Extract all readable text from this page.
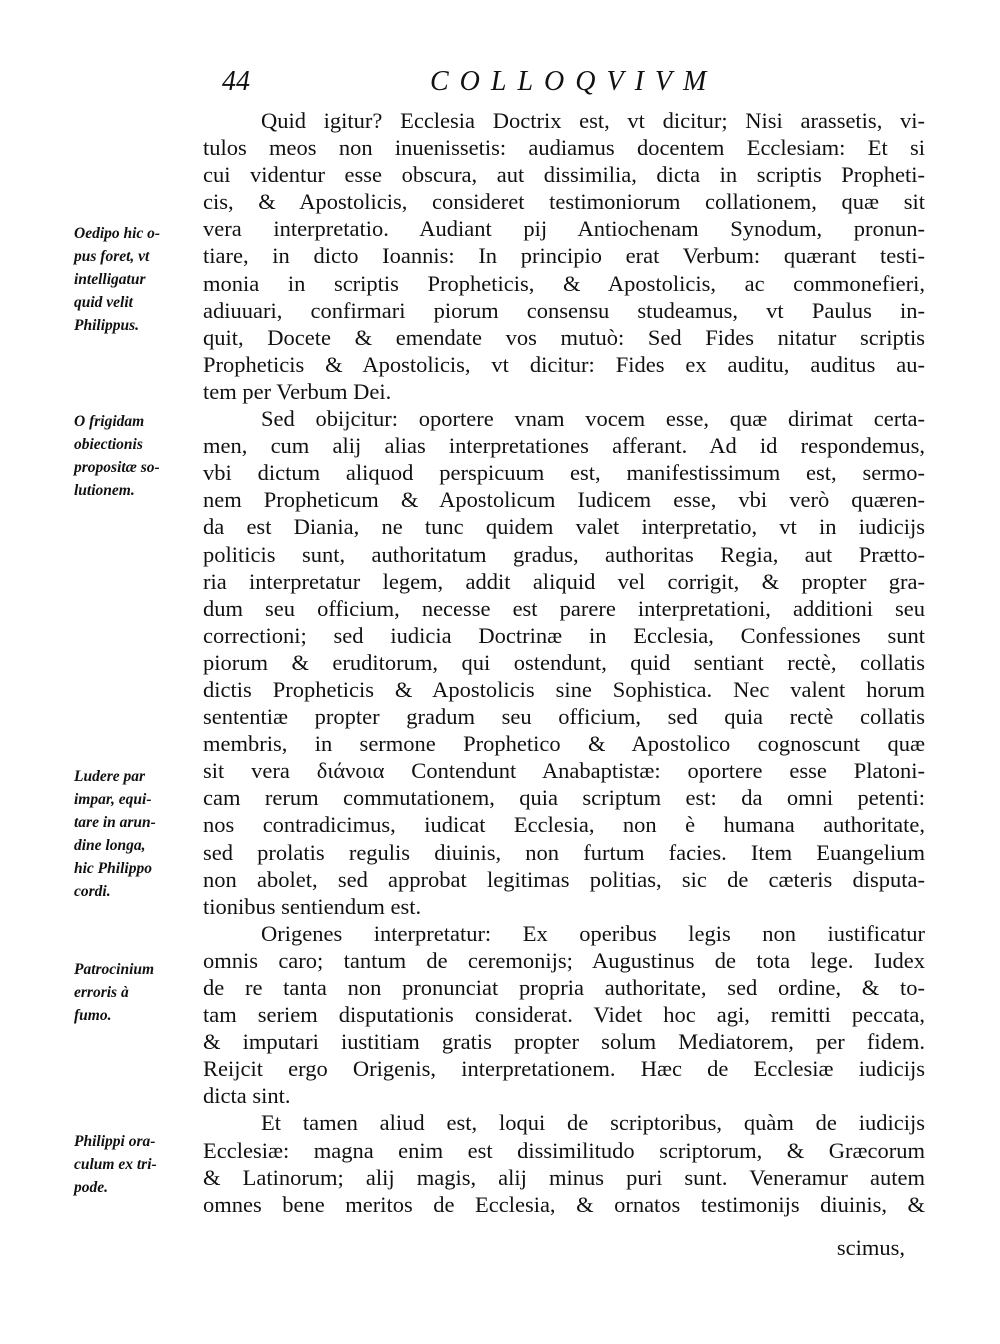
44	COLLOQVIVM
Quid igitur? Ecclesia Doctrix est, vt dicitur; Nisi arassetis, vi-
tulos meos non inuenissetis: audiamus docentem Ecclesiam: Et si
cui videntur esse obscura, aut dissimilia, dicta in scriptis Propheti-
cis, & Apostolicis, consideret testimoniorum collationem, quæ sit
vera interpretatio. Audiant pij Antiochenam Synodum, pronun-
tiare, in dicto Ioannis: In principio erat Verbum: quærant testi-
monia in scriptis Propheticis, & Apostolicis, ac commonefieri,
adiuuari, confirmari piorum consensu studeamus, vt Paulus in-
quit, Docete & emendate vos mutuò: Sed Fides nitatur scriptis
Propheticis & Apostolicis, vt dicitur: Fides ex auditu, auditus au-
tem per Verbum Dei.
Sed obijcitur: oportere vnam vocem esse, quæ dirimat certa-
men, cum alij alias interpretationes afferant. Ad id respondemus,
vbi dictum aliquod perspicuum est, manifestissimum est, sermo-
nem Propheticum & Apostolicum Iudicem esse, vbi verò quæren-
da est Diania, ne tunc quidem valet interpretatio, vt in iudicijs
politicis sunt, authoritatum gradus, authoritas Regia, aut Prætto-
ria interpretatur legem, addit aliquid vel corrigit, & propter gra-
dum seu officium, necesse est parere interpretationi, additioni seu
correctioni; sed iudicia Doctrinæ in Ecclesia, Confessiones sunt
piorum & eruditorum, qui ostendunt, quid sentiant rectè, collatis
dictis Propheticis & Apostolicis sine Sophistica. Nec valent horum
sententiæ propter gradum seu officium, sed quia rectè collatis
membris, in sermone Prophetico & Apostolico cognoscunt quæ
sit vera διάνοια Contendunt Anabaptistæ: oportere esse Platoni-
cam rerum commutationem, quia scriptum est: da omni petenti:
nos contradicimus, iudicat Ecclesia, non è humana authoritate,
sed prolatis regulis diuinis, non furtum facies. Item Euangelium
non abolet, sed approbat legitimas politias, sic de cæteris disputa-
tionibus sentiendum est.
Origenes interpretatur: Ex operibus legis non iustificatur
omnis caro; tantum de ceremonijs; Augustinus de tota lege. Iudex
de re tanta non pronunciat propria authoritate, sed ordine, & to-
tam seriem disputationis considerat. Videt hoc agi, remitti peccata,
& imputari iustitiam gratis propter solum Mediatorem, per fidem.
Reijcit ergo Origenis, interpretationem. Hæc de Ecclesiæ iudicijs
dicta sint.
Et tamen aliud est, loqui de scriptoribus, quàm de iudicijs
Ecclesiæ: magna enim est dissimilitudo scriptorum, & Græcorum
& Latinorum; alij magis, alij minus puri sunt. Veneramur autem
omnes bene meritos de Ecclesia, & ornatos testimonijs diuinis, &
scimus,
Oedipo hic o-
pus foret, vt
intelligatur
quid velit
Philippus.
O frigidam
obiectionis
propositæ so-
lutionem.
Ludere par
impar, equi-
tare in arun-
dine longa,
hic Philippo
cordi.
Patrocinium
erroris à
fumo.
Philippi ora-
culum ex tri-
pode.
